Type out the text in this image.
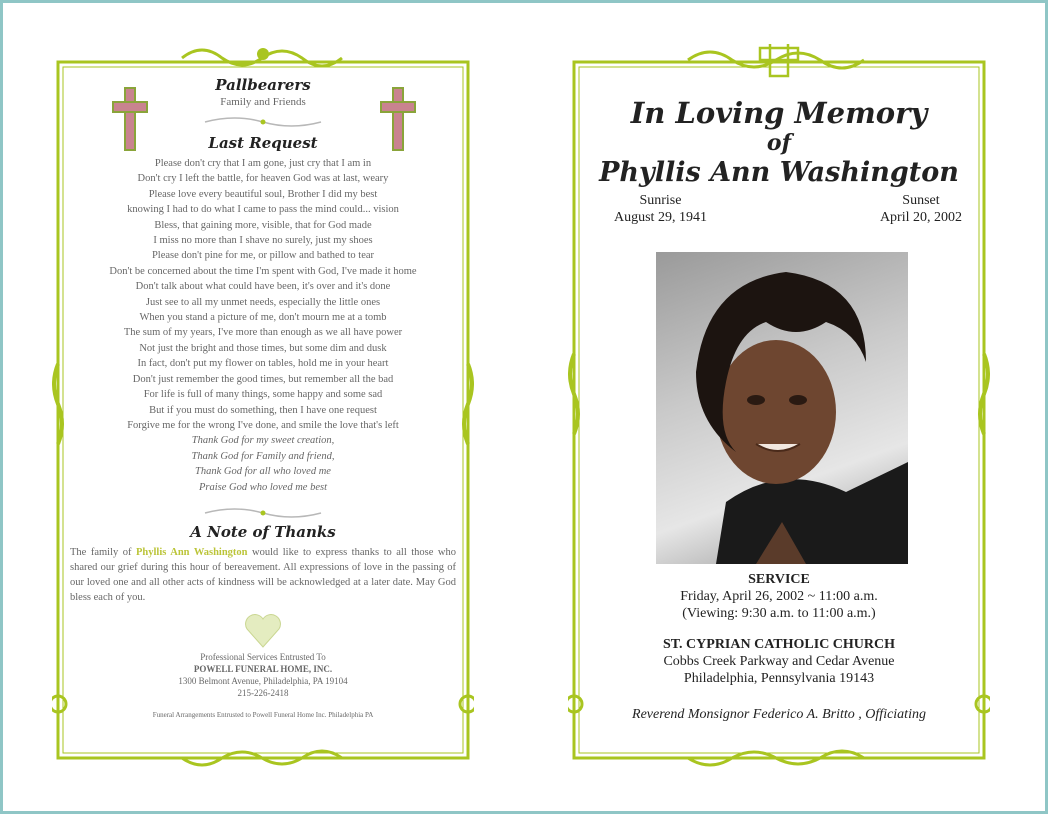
Pallbearers
Family and Friends
Last Request
Please don't cry that I am gone, just cry that I am in
Don't cry I left the battle, for heaven God was at last, weary
Please love every beautiful soul, Brother I did my best
knowing I had to do what I came to pass the mind could... vision
Bless, that gaining more, visible, that for God made
I miss no more than I shave no surely, just my shoes
Please don't pine for me, or pillow and bathed to tear
Don't be concerned about the time I'm spent with God, I've made it home
Don't talk about what could have been, it's over and it's done
Just see to all my unmet needs, especially the little ones
When you stand a picture of me, don't mourn me at a tomb
The sum of my years, I've more than enough as we all have power
Not just the bright and those times, but some dim and dusk
In fact, don't put my flower on tables, hold me in your heart
Don't just remember the good times, but remember all the bad
For life is full of many things, some happy and some sad
But if you must do something, then I have one request
Forgive me for the wrong I've done, and smile the love that's left
Thank God for my sweet creation,
Thank God for Family and friend,
Thank God for all who loved me
Praise God who loved me best
A Note of Thanks
The family of Phyllis Ann Washington would like to express thanks to all those who shared our grief during this hour of bereavement. All expressions of love in the passing of our loved one and all other acts of kindness will be acknowledged at a later date. May God bless each of you.
Professional Services Entrusted To
POWELL FUNERAL HOME, INC.
1300 Belmont Avenue, Philadelphia, PA 19104
215-226-2418
Funeral Arrangements Entrusted to Powell Funeral Home Inc. Philadelphia PA
In Loving Memory
of
Phyllis Ann Washington
Sunrise
August 29, 1941
Sunset
April 20, 2002
SERVICE
Friday, April 26, 2002 ~ 11:00 a.m.
(Viewing: 9:30 a.m. to 11:00 a.m.)
ST. CYPRIAN CATHOLIC CHURCH
Cobbs Creek Parkway and Cedar Avenue
Philadelphia, Pennsylvania 19143
Reverend Monsignor Federico A. Britto , Officiating
